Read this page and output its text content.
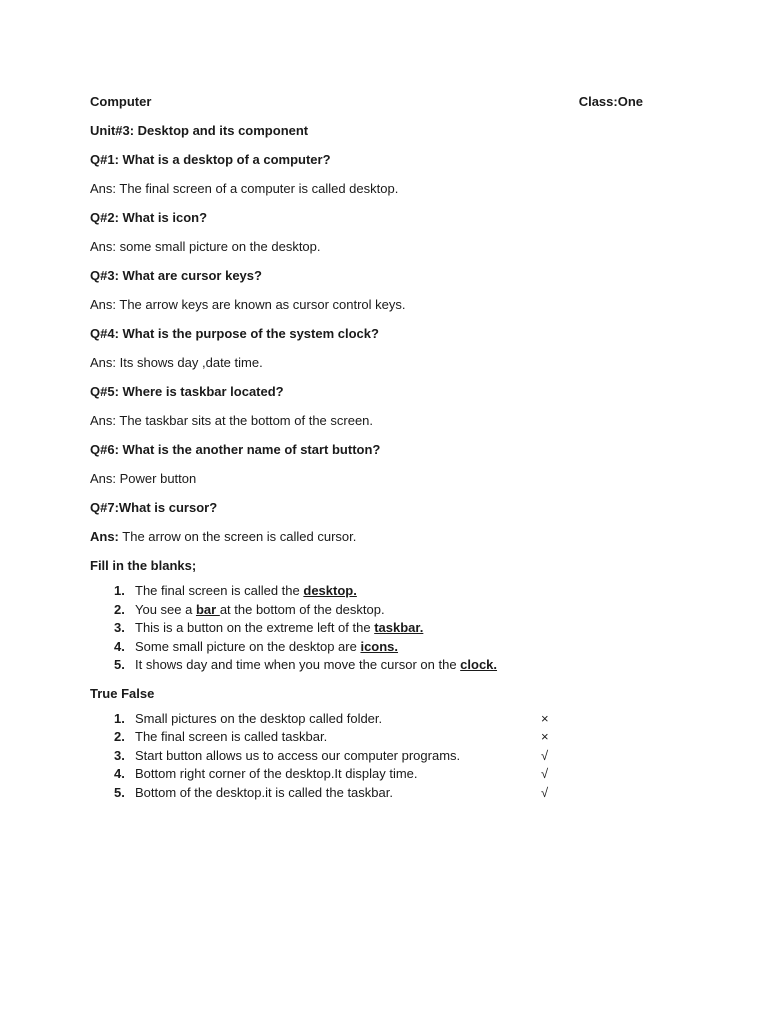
Computer	Class:One
Unit#3: Desktop and its component
Q#1: What is a desktop of a computer?
Ans: The final screen of a computer is called desktop.
Q#2: What is icon?
Ans: some small picture on the desktop.
Q#3: What are cursor keys?
Ans: The arrow keys are known as cursor control keys.
Q#4: What is the purpose of the system clock?
Ans: Its shows day ,date time.
Q#5: Where is taskbar located?
Ans: The taskbar sits at the bottom of the screen.
Q#6: What is the another name of start button?
Ans: Power button
Q#7:What is cursor?
Ans: The arrow on the screen is called cursor.
Fill in the blanks;
1. The final screen is called the desktop.
2. You see a bar at the bottom of the desktop.
3. This is a button on the extreme left of the taskbar.
4. Some small picture on the desktop are icons.
5. It shows day and time when you move the cursor on the clock.
True False
1. Small pictures on the desktop called folder.	×
2. The final screen is called taskbar.	×
3. Start button allows us to access our computer programs.	√
4. Bottom right corner of the desktop.It display time.	√
5. Bottom of the desktop.it is called the taskbar.	√
